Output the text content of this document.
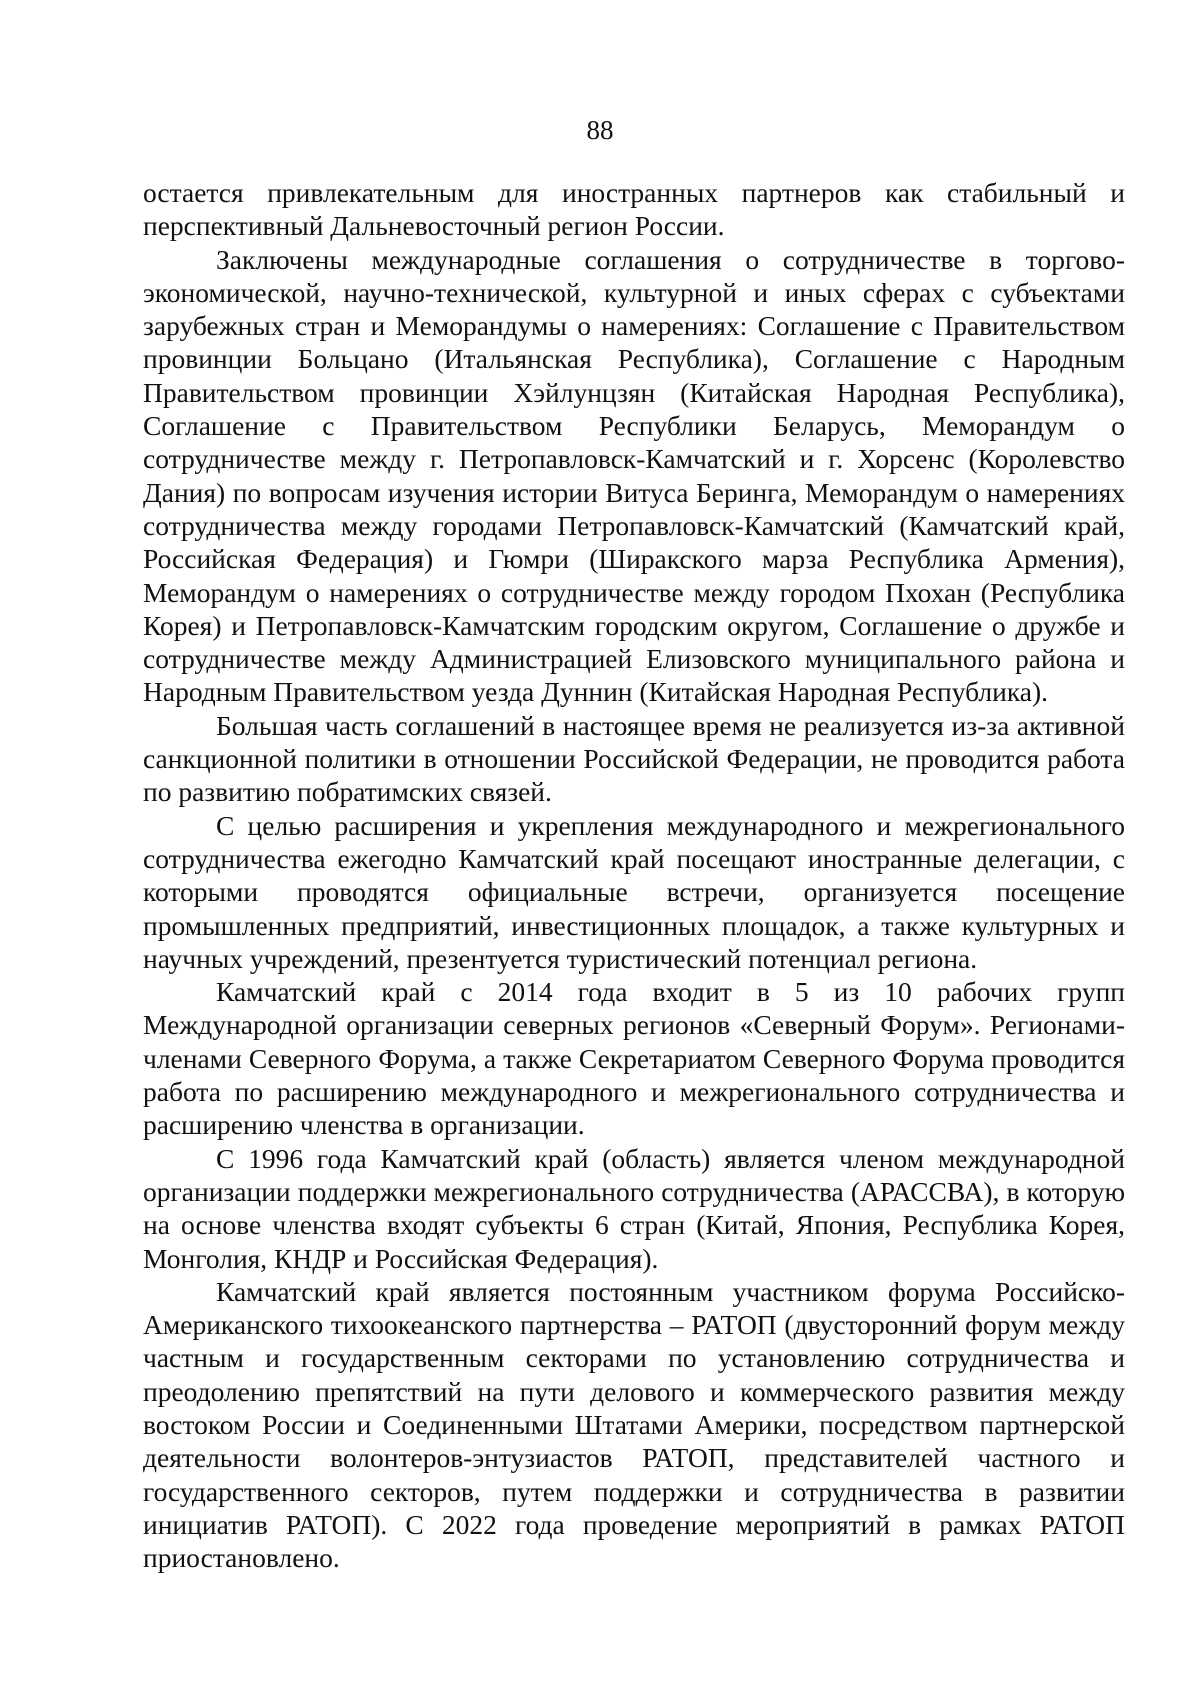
88

остается привлекательным для иностранных партнеров как стабильный и перспективный Дальневосточный регион России.

Заключены международные соглашения о сотрудничестве в торгово-экономической, научно-технической, культурной и иных сферах с субъектами зарубежных стран и Меморандумы о намерениях: Соглашение с Правительством провинции Больцано (Итальянская Республика), Соглашение с Народным Правительством провинции Хэйлунцзян (Китайская Народная Республика), Соглашение с Правительством Республики Беларусь, Меморандум о сотрудничестве между г. Петропавловск-Камчатский и г. Хорсенс (Королевство Дания) по вопросам изучения истории Витуса Беринга, Меморандум о намерениях сотрудничества между городами Петропавловск-Камчатский (Камчатский край, Российская Федерация) и Гюмри (Ширакского марза Республика Армения), Меморандум о намерениях о сотрудничестве между городом Пхохан (Республика Корея) и Петропавловск-Камчатским городским округом, Соглашение о дружбе и сотрудничестве между Администрацией Елизовского муниципального района и Народным Правительством уезда Дуннин (Китайская Народная Республика).

Большая часть соглашений в настоящее время не реализуется из-за активной санкционной политики в отношении Российской Федерации, не проводится работа по развитию побратимских связей.

С целью расширения и укрепления международного и межрегионального сотрудничества ежегодно Камчатский край посещают иностранные делегации, с которыми проводятся официальные встречи, организуется посещение промышленных предприятий, инвестиционных площадок, а также культурных и научных учреждений, презентуется туристический потенциал региона.

Камчатский край с 2014 года входит в 5 из 10 рабочих групп Международной организации северных регионов «Северный Форум». Регионами-членами Северного Форума, а также Секретариатом Северного Форума проводится работа по расширению международного и межрегионального сотрудничества и расширению членства в организации.

С 1996 года Камчатский край (область) является членом международной организации поддержки межрегионального сотрудничества (АРАССВА), в которую на основе членства входят субъекты 6 стран (Китай, Япония, Республика Корея, Монголия, КНДР и Российская Федерация).

Камчатский край является постоянным участником форума Российско-Американского тихоокеанского партнерства – РАТОП (двусторонний форум между частным и государственным секторами по установлению сотрудничества и преодолению препятствий на пути делового и коммерческого развития между востоком России и Соединенными Штатами Америки, посредством партнерской деятельности волонтеров-энтузиастов РАТОП, представителей частного и государственного секторов, путем поддержки и сотрудничества в развитии инициатив РАТОП). С 2022 года проведение мероприятий в рамках РАТОП приостановлено.
